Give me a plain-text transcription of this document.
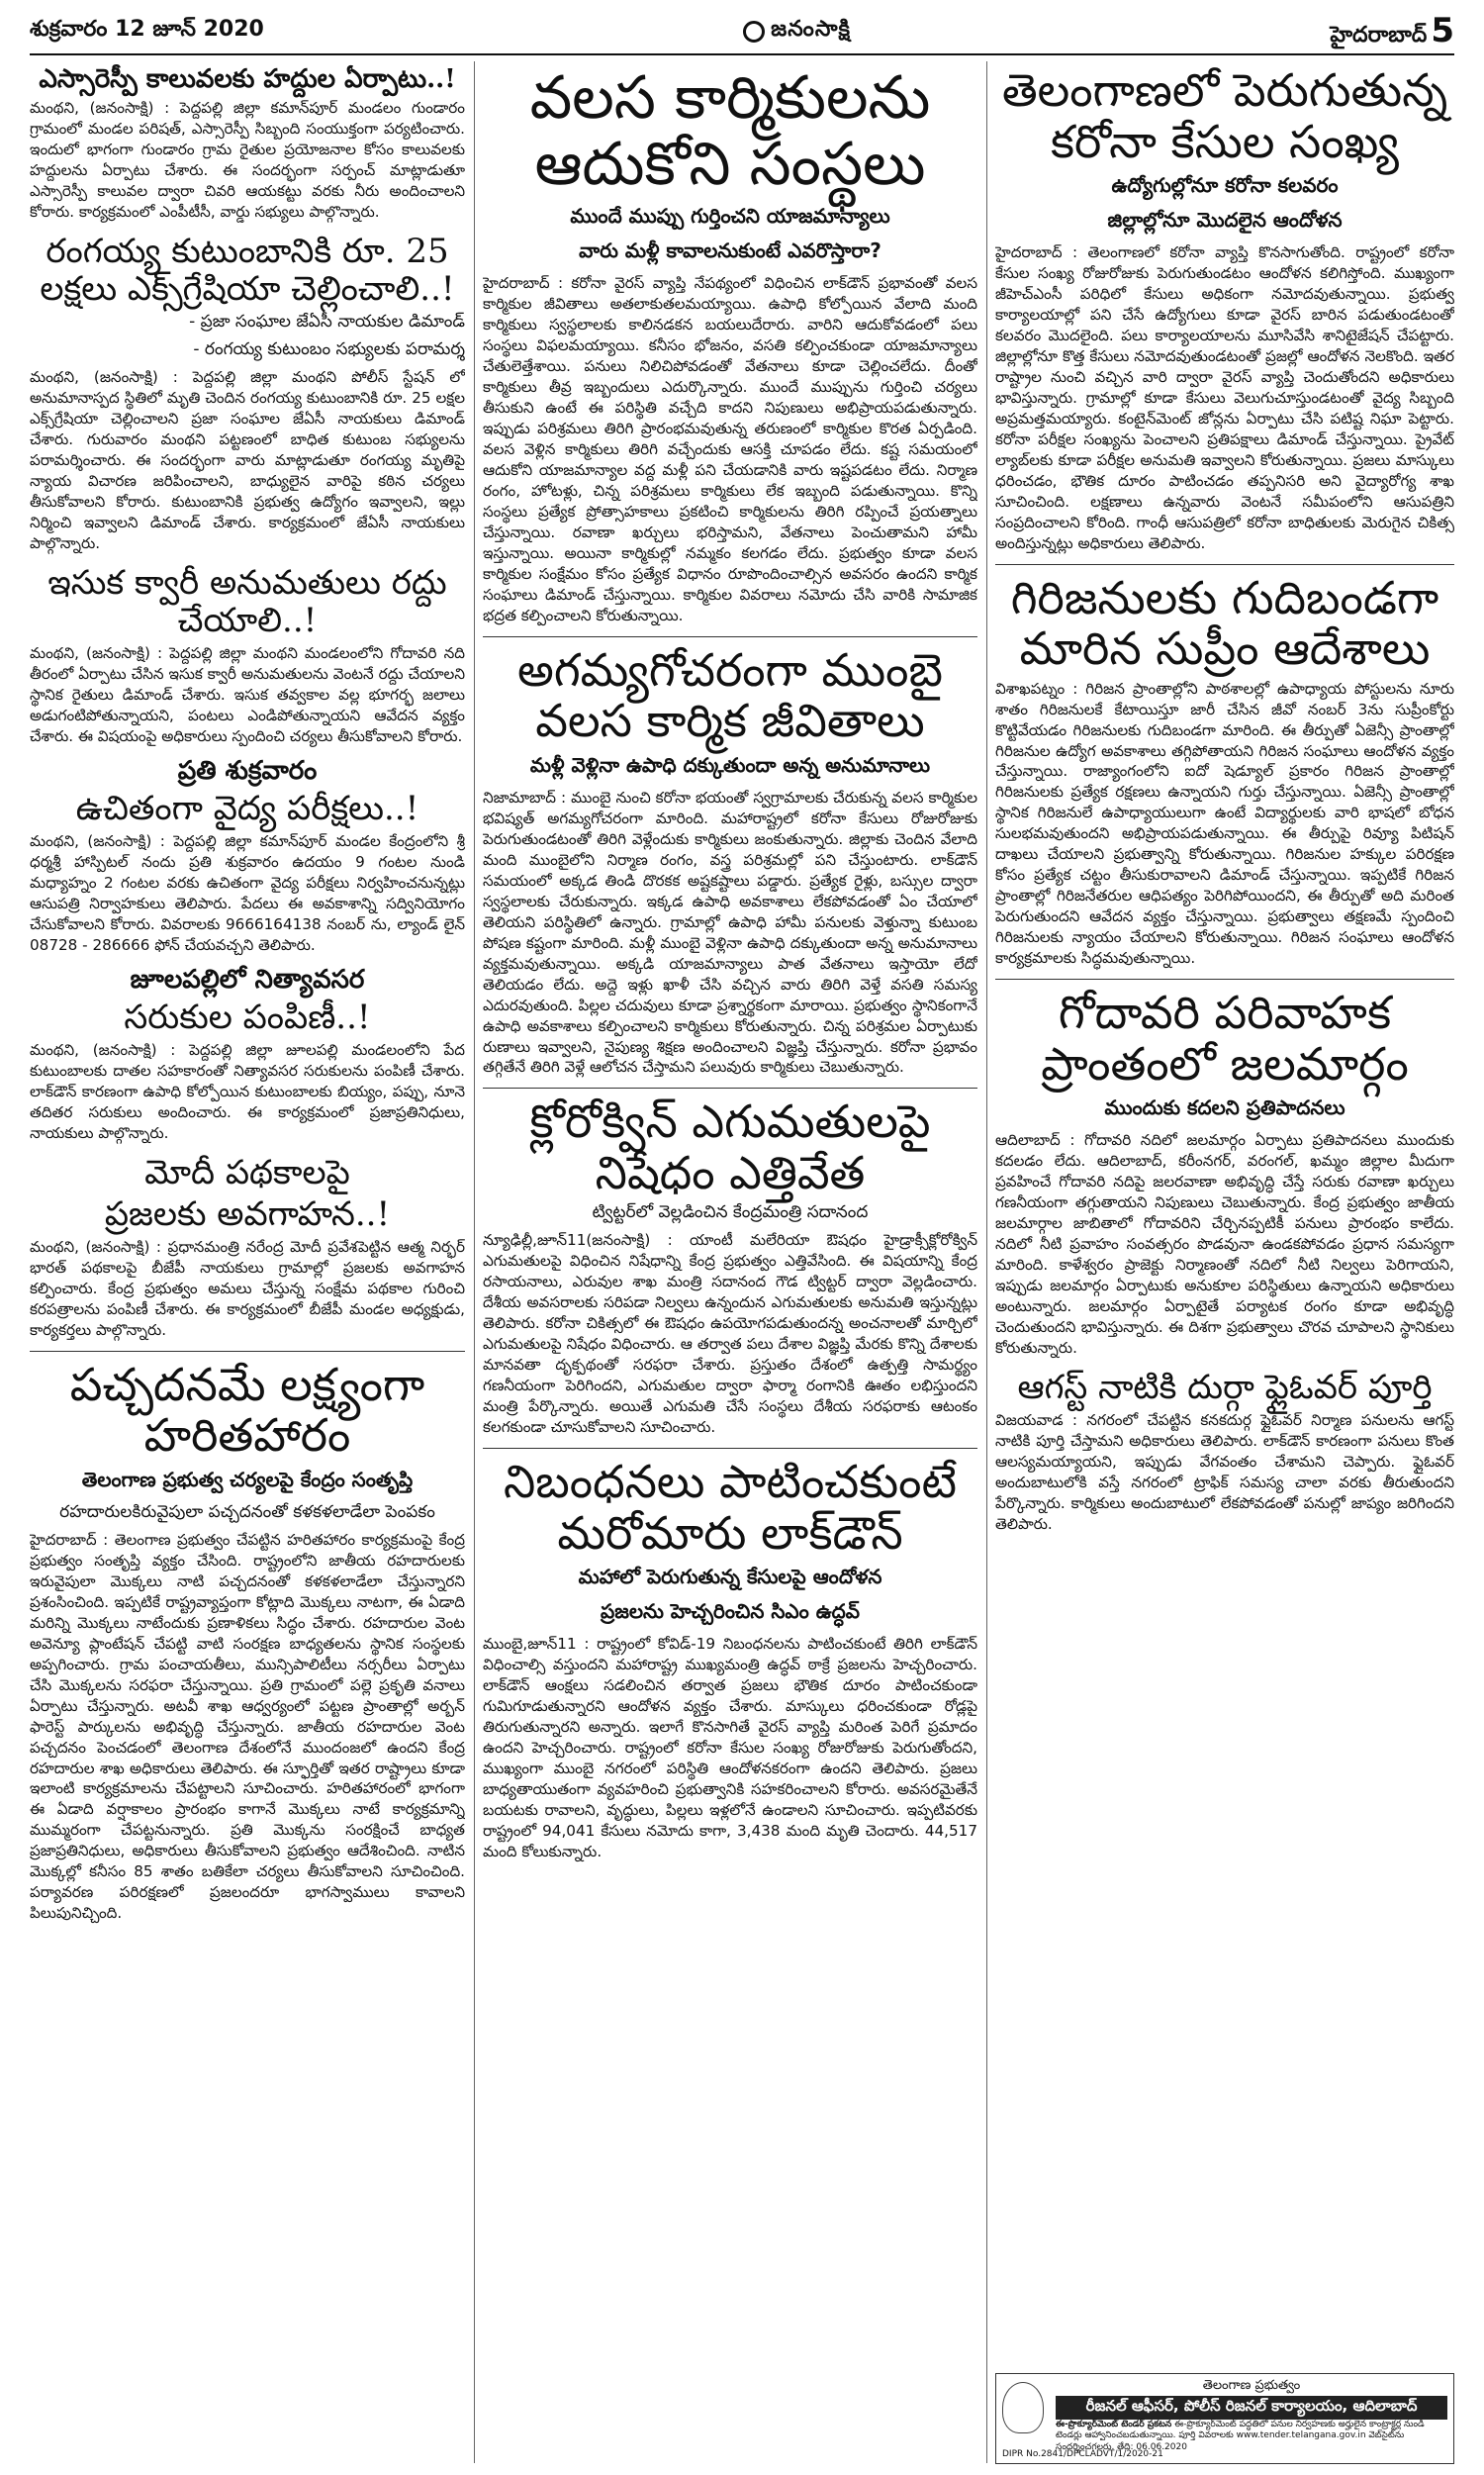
శుక్రవారం 12 జూన్ 2020	జనంసాక్షి	హైదరాబాద్ 5
ఎస్సారెస్పీ కాలువలకు హద్దుల ఏర్పాటు..!
మంథని, (జనంసాక్షి) : పెద్దపల్లి జిల్లా కమాన్‌పూర్ మండలం గుండారం గ్రామంలో మండల పరిషత్, ఎస్సారెస్పీ సిబ్బంది సంయుక్తంగా పర్యటించారు. ఇందులో భాగంగా గుండారం గ్రామ రైతుల ప్రయోజనాల కోసం కాలువలకు హద్దులను ఏర్పాటు చేశారు. ఈ సందర్భంగా సర్పంచ్ మాట్లాడుతూ ఎస్సారెస్పీ కాలువల ద్వారా చివరి ఆయకట్టు వరకు నీరు అందించాలని కోరారు. కార్యక్రమంలో ఎంపీటీసీ, వార్డు సభ్యులు పాల్గొన్నారు.
రంగయ్య కుటుంబానికి రూ. 25 లక్షలు ఎక్స్‌గ్రేషియా చెల్లించాలి..!
- ప్రజా సంఘాల జేఏసీ నాయకుల డిమాండ్
- రంగయ్య కుటుంబం సభ్యులకు పరామర్శ
మంథని, (జనంసాక్షి) : పెద్దపల్లి జిల్లా మంథని పోలీస్ స్టేషన్ లో అనుమానాస్పద స్థితిలో మృతి చెందిన రంగయ్య కుటుంబానికి రూ. 25 లక్షల ఎక్స్‌గ్రేషియా చెల్లించాలని ప్రజా సంఘాల జేఏసీ నాయకులు డిమాండ్ చేశారు. గురువారం మంథని పట్టణంలో బాధిత కుటుంబ సభ్యులను పరామర్శించారు. ఈ సందర్భంగా వారు మాట్లాడుతూ రంగయ్య మృతిపై న్యాయ విచారణ జరిపించాలని, బాధ్యులైన వారిపై కఠిన చర్యలు తీసుకోవాలని కోరారు. కుటుంబానికి ప్రభుత్వ ఉద్యోగం ఇవ్వాలని, ఇల్లు నిర్మించి ఇవ్వాలని డిమాండ్ చేశారు. కార్యక్రమంలో జేఏసీ నాయకులు పాల్గొన్నారు.
ఇసుక క్వారీ అనుమతులు రద్దు చేయాలి..!
మంథని, (జనంసాక్షి) : పెద్దపల్లి జిల్లా మంథని మండలంలోని గోదావరి నది తీరంలో ఏర్పాటు చేసిన ఇసుక క్వారీ అనుమతులను వెంటనే రద్దు చేయాలని స్థానిక రైతులు డిమాండ్ చేశారు. ఇసుక తవ్వకాల వల్ల భూగర్భ జలాలు అడుగంటిపోతున్నాయని, పంటలు ఎండిపోతున్నాయని ఆవేదన వ్యక్తం చేశారు. ఈ విషయంపై అధికారులు స్పందించి చర్యలు తీసుకోవాలని కోరారు.
ప్రతి శుక్రవారం
ఉచితంగా వైద్య పరీక్షలు..!
మంథని, (జనంసాక్షి) : పెద్దపల్లి జిల్లా కమాన్‌పూర్ మండల కేంద్రంలోని శ్రీ ధర్మశ్రీ హాస్పిటల్ నందు ప్రతి శుక్రవారం ఉదయం 9 గంటల నుండి మధ్యాహ్నం 2 గంటల వరకు ఉచితంగా వైద్య పరీక్షలు నిర్వహించనున్నట్లు ఆసుపత్రి నిర్వాహకులు తెలిపారు. పేదలు ఈ అవకాశాన్ని సద్వినియోగం చేసుకోవాలని కోరారు. వివరాలకు 9666164138 నంబర్ ను, ల్యాండ్ లైన్ 08728 - 286666 ఫోన్ చేయవచ్చని తెలిపారు.
జూలపల్లిలో నిత్యావసర
సరుకుల పంపిణీ..!
మంథని, (జనంసాక్షి) : పెద్దపల్లి జిల్లా జూలపల్లి మండలంలోని పేద కుటుంబాలకు దాతల సహకారంతో నిత్యావసర సరుకులను పంపిణీ చేశారు. లాక్‌డౌన్ కారణంగా ఉపాధి కోల్పోయిన కుటుంబాలకు బియ్యం, పప్పు, నూనె తదితర సరుకులు అందించారు. ఈ కార్యక్రమంలో ప్రజాప్రతినిధులు, నాయకులు పాల్గొన్నారు.
మోదీ పథకాలపై
ప్రజలకు అవగాహన..!
మంథని, (జనంసాక్షి) : ప్రధానమంత్రి నరేంద్ర మోదీ ప్రవేశపెట్టిన ఆత్మ నిర్భర్ భారత్ పథకాలపై బీజేపీ నాయకులు గ్రామాల్లో ప్రజలకు అవగాహన కల్పించారు. కేంద్ర ప్రభుత్వం అమలు చేస్తున్న సంక్షేమ పథకాల గురించి కరపత్రాలను పంపిణీ చేశారు. ఈ కార్యక్రమంలో బీజేపీ మండల అధ్యక్షుడు, కార్యకర్తలు పాల్గొన్నారు.
పచ్చదనమే లక్ష్యంగా హరితహారం
తెలంగాణ ప్రభుత్వ చర్యలపై కేంద్రం సంతృప్తి
రహదారులకిరువైపులా పచ్చదనంతో కళకళలాడేలా పెంపకం
హైదరాబాద్ : తెలంగాణ ప్రభుత్వం చేపట్టిన హరితహారం కార్యక్రమంపై కేంద్ర ప్రభుత్వం సంతృప్తి వ్యక్తం చేసింది. రాష్ట్రంలోని జాతీయ రహదారులకు ఇరువైపులా మొక్కలు నాటి పచ్చదనంతో కళకళలాడేలా చేస్తున్నారని ప్రశంసించింది. ఇప్పటికే రాష్ట్రవ్యాప్తంగా కోట్లాది మొక్కలు నాటగా, ఈ ఏడాది మరిన్ని మొక్కలు నాటేందుకు ప్రణాళికలు సిద్ధం చేశారు. రహదారుల వెంట అవెన్యూ ప్లాంటేషన్ చేపట్టి వాటి సంరక్షణ బాధ్యతలను స్థానిక సంస్థలకు అప్పగించారు. గ్రామ పంచాయతీలు, మున్సిపాలిటీలు నర్సరీలు ఏర్పాటు చేసి మొక్కలను సరఫరా చేస్తున్నాయి. ప్రతి గ్రామంలో పల్లె ప్రకృతి వనాలు ఏర్పాటు చేస్తున్నారు. అటవీ శాఖ ఆధ్వర్యంలో పట్టణ ప్రాంతాల్లో అర్బన్ ఫారెస్ట్ పార్కులను అభివృద్ధి చేస్తున్నారు. జాతీయ రహదారుల వెంట పచ్చదనం పెంచడంలో తెలంగాణ దేశంలోనే ముందంజలో ఉందని కేంద్ర రహదారుల శాఖ అధికారులు తెలిపారు. ఈ స్ఫూర్తితో ఇతర రాష్ట్రాలు కూడా ఇలాంటి కార్యక్రమాలను చేపట్టాలని సూచించారు. హరితహారంలో భాగంగా ఈ ఏడాది వర్షాకాలం ప్రారంభం కాగానే మొక్కలు నాటే కార్యక్రమాన్ని ముమ్మరంగా చేపట్టనున్నారు. ప్రతి మొక్కను సంరక్షించే బాధ్యత ప్రజాప్రతినిధులు, అధికారులు తీసుకోవాలని ప్రభుత్వం ఆదేశించింది. నాటిన మొక్కల్లో కనీసం 85 శాతం బతికేలా చర్యలు తీసుకోవాలని సూచించింది. పర్యావరణ పరిరక్షణలో ప్రజలందరూ భాగస్వాములు కావాలని పిలుపునిచ్చింది.
వలస కార్మికులను ఆదుకోని సంస్థలు
ముందే ముప్పు గుర్తించని యాజమాన్యాలు
వారు మళ్లీ కావాలనుకుంటే ఎవరొస్తారా?
హైదరాబాద్ : కరోనా వైరస్ వ్యాప్తి నేపథ్యంలో విధించిన లాక్‌డౌన్ ప్రభావంతో వలస కార్మికుల జీవితాలు అతలాకుతలమయ్యాయి. ఉపాధి కోల్పోయిన వేలాది మంది కార్మికులు స్వస్థలాలకు కాలినడకన బయలుదేరారు. వారిని ఆదుకోవడంలో పలు సంస్థలు విఫలమయ్యాయి. కనీసం భోజనం, వసతి కల్పించకుండా యాజమాన్యాలు చేతులెత్తేశాయి. పనులు నిలిచిపోవడంతో వేతనాలు కూడా చెల్లించలేదు. దీంతో కార్మికులు తీవ్ర ఇబ్బందులు ఎదుర్కొన్నారు. ముందే ముప్పును గుర్తించి చర్యలు తీసుకుని ఉంటే ఈ పరిస్థితి వచ్చేది కాదని నిపుణులు అభిప్రాయపడుతున్నారు. ఇప్పుడు పరిశ్రమలు తిరిగి ప్రారంభమవుతున్న తరుణంలో కార్మికుల కొరత ఏర్పడింది. వలస వెళ్లిన కార్మికులు తిరిగి వచ్చేందుకు ఆసక్తి చూపడం లేదు. కష్ట సమయంలో ఆదుకోని యాజమాన్యాల వద్ద మళ్లీ పని చేయడానికి వారు ఇష్టపడటం లేదు. నిర్మాణ రంగం, హోటళ్లు, చిన్న పరిశ్రమలు కార్మికులు లేక ఇబ్బంది పడుతున్నాయి. కొన్ని సంస్థలు ప్రత్యేక ప్రోత్సాహకాలు ప్రకటించి కార్మికులను తిరిగి రప్పించే ప్రయత్నాలు చేస్తున్నాయి. రవాణా ఖర్చులు భరిస్తామని, వేతనాలు పెంచుతామని హామీ ఇస్తున్నాయి. అయినా కార్మికుల్లో నమ్మకం కలగడం లేదు. ప్రభుత్వం కూడా వలస కార్మికుల సంక్షేమం కోసం ప్రత్యేక విధానం రూపొందించాల్సిన అవసరం ఉందని కార్మిక సంఘాలు డిమాండ్ చేస్తున్నాయి. కార్మికుల వివరాలు నమోదు చేసి వారికి సామాజిక భద్రత కల్పించాలని కోరుతున్నాయి.
అగమ్యగోచరంగా ముంబై వలస కార్మిక జీవితాలు
మళ్లీ వెళ్లినా ఉపాధి దక్కుతుందా అన్న అనుమానాలు
నిజామాబాద్ : ముంబై నుంచి కరోనా భయంతో స్వగ్రామాలకు చేరుకున్న వలస కార్మికుల భవిష్యత్ అగమ్యగోచరంగా మారింది. మహారాష్ట్రలో కరోనా కేసులు రోజురోజుకు పెరుగుతుండటంతో తిరిగి వెళ్లేందుకు కార్మికులు జంకుతున్నారు. జిల్లాకు చెందిన వేలాది మంది ముంబైలోని నిర్మాణ రంగం, వస్త్ర పరిశ్రమల్లో పని చేస్తుంటారు. లాక్‌డౌన్ సమయంలో అక్కడ తిండి దొరకక అష్టకష్టాలు పడ్డారు. ప్రత్యేక రైళ్లు, బస్సుల ద్వారా స్వస్థలాలకు చేరుకున్నారు. ఇక్కడ ఉపాధి అవకాశాలు లేకపోవడంతో ఏం చేయాలో తెలియని పరిస్థితిలో ఉన్నారు. గ్రామాల్లో ఉపాధి హామీ పనులకు వెళ్తున్నా కుటుంబ పోషణ కష్టంగా మారింది. మళ్లీ ముంబై వెళ్లినా ఉపాధి దక్కుతుందా అన్న అనుమానాలు వ్యక్తమవుతున్నాయి. అక్కడి యాజమాన్యాలు పాత వేతనాలు ఇస్తాయో లేదో తెలియడం లేదు. అద్దె ఇళ్లు ఖాళీ చేసి వచ్చిన వారు తిరిగి వెళ్తే వసతి సమస్య ఎదురవుతుంది. పిల్లల చదువులు కూడా ప్రశ్నార్థకంగా మారాయి. ప్రభుత్వం స్థానికంగానే ఉపాధి అవకాశాలు కల్పించాలని కార్మికులు కోరుతున్నారు. చిన్న పరిశ్రమల ఏర్పాటుకు రుణాలు ఇవ్వాలని, నైపుణ్య శిక్షణ అందించాలని విజ్ఞప్తి చేస్తున్నారు. కరోనా ప్రభావం తగ్గితేనే తిరిగి వెళ్లే ఆలోచన చేస్తామని పలువురు కార్మికులు చెబుతున్నారు.
క్లోరోక్విన్ ఎగుమతులపై నిషేధం ఎత్తివేత
ట్విట్టర్‌లో వెల్లడించిన కేంద్రమంత్రి సదానంద
న్యూఢిల్లీ,జూన్11(జనంసాక్షి) : యాంటీ మలేరియా ఔషధం హైడ్రాక్సీక్లోరోక్విన్ ఎగుమతులపై విధించిన నిషేధాన్ని కేంద్ర ప్రభుత్వం ఎత్తివేసింది. ఈ విషయాన్ని కేంద్ర రసాయనాలు, ఎరువుల శాఖ మంత్రి సదానంద గౌడ ట్విట్టర్ ద్వారా వెల్లడించారు. దేశీయ అవసరాలకు సరిపడా నిల్వలు ఉన్నందున ఎగుమతులకు అనుమతి ఇస్తున్నట్లు తెలిపారు. కరోనా చికిత్సలో ఈ ఔషధం ఉపయోగపడుతుందన్న అంచనాలతో మార్చిలో ఎగుమతులపై నిషేధం విధించారు. ఆ తర్వాత పలు దేశాల విజ్ఞప్తి మేరకు కొన్ని దేశాలకు మానవతా దృక్పథంతో సరఫరా చేశారు. ప్రస్తుతం దేశంలో ఉత్పత్తి సామర్థ్యం గణనీయంగా పెరిగిందని, ఎగుమతుల ద్వారా ఫార్మా రంగానికి ఊతం లభిస్తుందని మంత్రి పేర్కొన్నారు. అయితే ఎగుమతి చేసే సంస్థలు దేశీయ సరఫరాకు ఆటంకం కలగకుండా చూసుకోవాలని సూచించారు.
నిబంధనలు పాటించకుంటే మరోమారు లాక్‌డౌన్
మహాలో పెరుగుతున్న కేసులపై ఆందోళన
ప్రజలను హెచ్చరించిన సిఎం ఉద్ధవ్
ముంబై,జూన్11 : రాష్ట్రంలో కోవిడ్-19 నిబంధనలను పాటించకుంటే తిరిగి లాక్‌డౌన్ విధించాల్సి వస్తుందని మహారాష్ట్ర ముఖ్యమంత్రి ఉద్ధవ్ ఠాక్రే ప్రజలను హెచ్చరించారు. లాక్‌డౌన్ ఆంక్షలు సడలించిన తర్వాత ప్రజలు భౌతిక దూరం పాటించకుండా గుమిగూడుతున్నారని ఆందోళన వ్యక్తం చేశారు. మాస్కులు ధరించకుండా రోడ్లపై తిరుగుతున్నారని అన్నారు. ఇలాగే కొనసాగితే వైరస్ వ్యాప్తి మరింత పెరిగే ప్రమాదం ఉందని హెచ్చరించారు. రాష్ట్రంలో కరోనా కేసుల సంఖ్య రోజురోజుకు పెరుగుతోందని, ముఖ్యంగా ముంబై నగరంలో పరిస్థితి ఆందోళనకరంగా ఉందని తెలిపారు. ప్రజలు బాధ్యతాయుతంగా వ్యవహరించి ప్రభుత్వానికి సహకరించాలని కోరారు. అవసరమైతేనే బయటకు రావాలని, వృద్ధులు, పిల్లలు ఇళ్లలోనే ఉండాలని సూచించారు. ఇప్పటివరకు రాష్ట్రంలో 94,041 కేసులు నమోదు కాగా, 3,438 మంది మృతి చెందారు. 44,517 మంది కోలుకున్నారు.
తెలంగాణలో పెరుగుతున్న కరోనా కేసుల సంఖ్య
ఉద్యోగుల్లోనూ కరోనా కలవరం
జిల్లాల్లోనూ మొదలైన ఆందోళన
హైదరాబాద్ : తెలంగాణలో కరోనా వ్యాప్తి కొనసాగుతోంది. రాష్ట్రంలో కరోనా కేసుల సంఖ్య రోజురోజుకు పెరుగుతుండటం ఆందోళన కలిగిస్తోంది. ముఖ్యంగా జీహెచ్‌ఎంసీ పరిధిలో కేసులు అధికంగా నమోదవుతున్నాయి. ప్రభుత్వ కార్యాలయాల్లో పని చేసే ఉద్యోగులు కూడా వైరస్ బారిన పడుతుండటంతో కలవరం మొదలైంది. పలు కార్యాలయాలను మూసివేసి శానిటైజేషన్ చేపట్టారు. జిల్లాల్లోనూ కొత్త కేసులు నమోదవుతుండటంతో ప్రజల్లో ఆందోళన నెలకొంది. ఇతర రాష్ట్రాల నుంచి వచ్చిన వారి ద్వారా వైరస్ వ్యాప్తి చెందుతోందని అధికారులు భావిస్తున్నారు. గ్రామాల్లో కూడా కేసులు వెలుగుచూస్తుండటంతో వైద్య సిబ్బంది అప్రమత్తమయ్యారు. కంటైన్‌మెంట్ జోన్లను ఏర్పాటు చేసి పటిష్ట నిఘా పెట్టారు. కరోనా పరీక్షల సంఖ్యను పెంచాలని ప్రతిపక్షాలు డిమాండ్ చేస్తున్నాయి. ప్రైవేట్ ల్యాబ్‌లకు కూడా పరీక్షల అనుమతి ఇవ్వాలని కోరుతున్నాయి. ప్రజలు మాస్కులు ధరించడం, భౌతిక దూరం పాటించడం తప్పనిసరి అని వైద్యారోగ్య శాఖ సూచించింది. లక్షణాలు ఉన్నవారు వెంటనే సమీపంలోని ఆసుపత్రిని సంప్రదించాలని కోరింది. గాంధీ ఆసుపత్రిలో కరోనా బాధితులకు మెరుగైన చికిత్స అందిస్తున్నట్లు అధికారులు తెలిపారు.
గిరిజనులకు గుదిబండగా మారిన సుప్రీం ఆదేశాలు
విశాఖపట్నం : గిరిజన ప్రాంతాల్లోని పాఠశాలల్లో ఉపాధ్యాయ పోస్టులను నూరు శాతం గిరిజనులకే కేటాయిస్తూ జారీ చేసిన జీవో నంబర్ 3ను సుప్రీంకోర్టు కొట్టివేయడం గిరిజనులకు గుదిబండగా మారింది. ఈ తీర్పుతో ఏజెన్సీ ప్రాంతాల్లో గిరిజనుల ఉద్యోగ అవకాశాలు తగ్గిపోతాయని గిరిజన సంఘాలు ఆందోళన వ్యక్తం చేస్తున్నాయి. రాజ్యాంగంలోని ఐదో షెడ్యూల్ ప్రకారం గిరిజన ప్రాంతాల్లో గిరిజనులకు ప్రత్యేక రక్షణలు ఉన్నాయని గుర్తు చేస్తున్నాయి. ఏజెన్సీ ప్రాంతాల్లో స్థానిక గిరిజనులే ఉపాధ్యాయులుగా ఉంటే విద్యార్థులకు వారి భాషలో బోధన సులభమవుతుందని అభిప్రాయపడుతున్నాయి. ఈ తీర్పుపై రివ్యూ పిటిషన్ దాఖలు చేయాలని ప్రభుత్వాన్ని కోరుతున్నాయి. గిరిజనుల హక్కుల పరిరక్షణ కోసం ప్రత్యేక చట్టం తీసుకురావాలని డిమాండ్ చేస్తున్నాయి. ఇప్పటికే గిరిజన ప్రాంతాల్లో గిరిజనేతరుల ఆధిపత్యం పెరిగిపోయిందని, ఈ తీర్పుతో అది మరింత పెరుగుతుందని ఆవేదన వ్యక్తం చేస్తున్నాయి. ప్రభుత్వాలు తక్షణమే స్పందించి గిరిజనులకు న్యాయం చేయాలని కోరుతున్నాయి. గిరిజన సంఘాలు ఆందోళన కార్యక్రమాలకు సిద్ధమవుతున్నాయి.
గోదావరి పరివాహక ప్రాంతంలో జలమార్గం
ముందుకు కదలని ప్రతిపాదనలు
ఆదిలాబాద్ : గోదావరి నదిలో జలమార్గం ఏర్పాటు ప్రతిపాదనలు ముందుకు కదలడం లేదు. ఆదిలాబాద్, కరీంనగర్, వరంగల్, ఖమ్మం జిల్లాల మీదుగా ప్రవహించే గోదావరి నదిపై జలరవాణా అభివృద్ధి చేస్తే సరుకు రవాణా ఖర్చులు గణనీయంగా తగ్గుతాయని నిపుణులు చెబుతున్నారు. కేంద్ర ప్రభుత్వం జాతీయ జలమార్గాల జాబితాలో గోదావరిని చేర్చినప్పటికీ పనులు ప్రారంభం కాలేదు. నదిలో నీటి ప్రవాహం సంవత్సరం పొడవునా ఉండకపోవడం ప్రధాన సమస్యగా మారింది. కాళేశ్వరం ప్రాజెక్టు నిర్మాణంతో నదిలో నీటి నిల్వలు పెరిగాయని, ఇప్పుడు జలమార్గం ఏర్పాటుకు అనుకూల పరిస్థితులు ఉన్నాయని అధికారులు అంటున్నారు. జలమార్గం ఏర్పాటైతే పర్యాటక రంగం కూడా అభివృద్ధి చెందుతుందని భావిస్తున్నారు. ఈ దిశగా ప్రభుత్వాలు చొరవ చూపాలని స్థానికులు కోరుతున్నారు.
ఆగస్ట్ నాటికి దుర్గా ఫ్లైఓవర్ పూర్తి
విజయవాడ : నగరంలో చేపట్టిన కనకదుర్గ ఫ్లైఓవర్ నిర్మాణ పనులను ఆగస్ట్ నాటికి పూర్తి చేస్తామని అధికారులు తెలిపారు. లాక్‌డౌన్ కారణంగా పనులు కొంత ఆలస్యమయ్యాయని, ఇప్పుడు వేగవంతం చేశామని చెప్పారు. ఫ్లైఓవర్ అందుబాటులోకి వస్తే నగరంలో ట్రాఫిక్ సమస్య చాలా వరకు తీరుతుందని పేర్కొన్నారు. కార్మికులు అందుబాటులో లేకపోవడంతో పనుల్లో జాప్యం జరిగిందని తెలిపారు.
తెలంగాణ ప్రభుత్వం
రీజనల్ ఆఫీసర్, పోలీస్ రిజనల్ కార్యాలయం, ఆదిలాబాద్
ఈ-ప్రొక్యూర్‌మెంట్ టెండర్ ప్రకటన ఈ-ప్రొక్యూర్‌మెంట్ పద్ధతిలో పనుల నిర్వహణకు అర్హులైన కాంట్రాక్టర్ల నుండి టెండర్లు ఆహ్వానించబడుతున్నాయి. పూర్తి వివరాలకు www.tender.telangana.gov.in వెబ్‌సైట్‌ను సందర్శించగలరు. తేది: 06.06.2020
DIPR No.2841/DPCLADVT/1/2020-21
